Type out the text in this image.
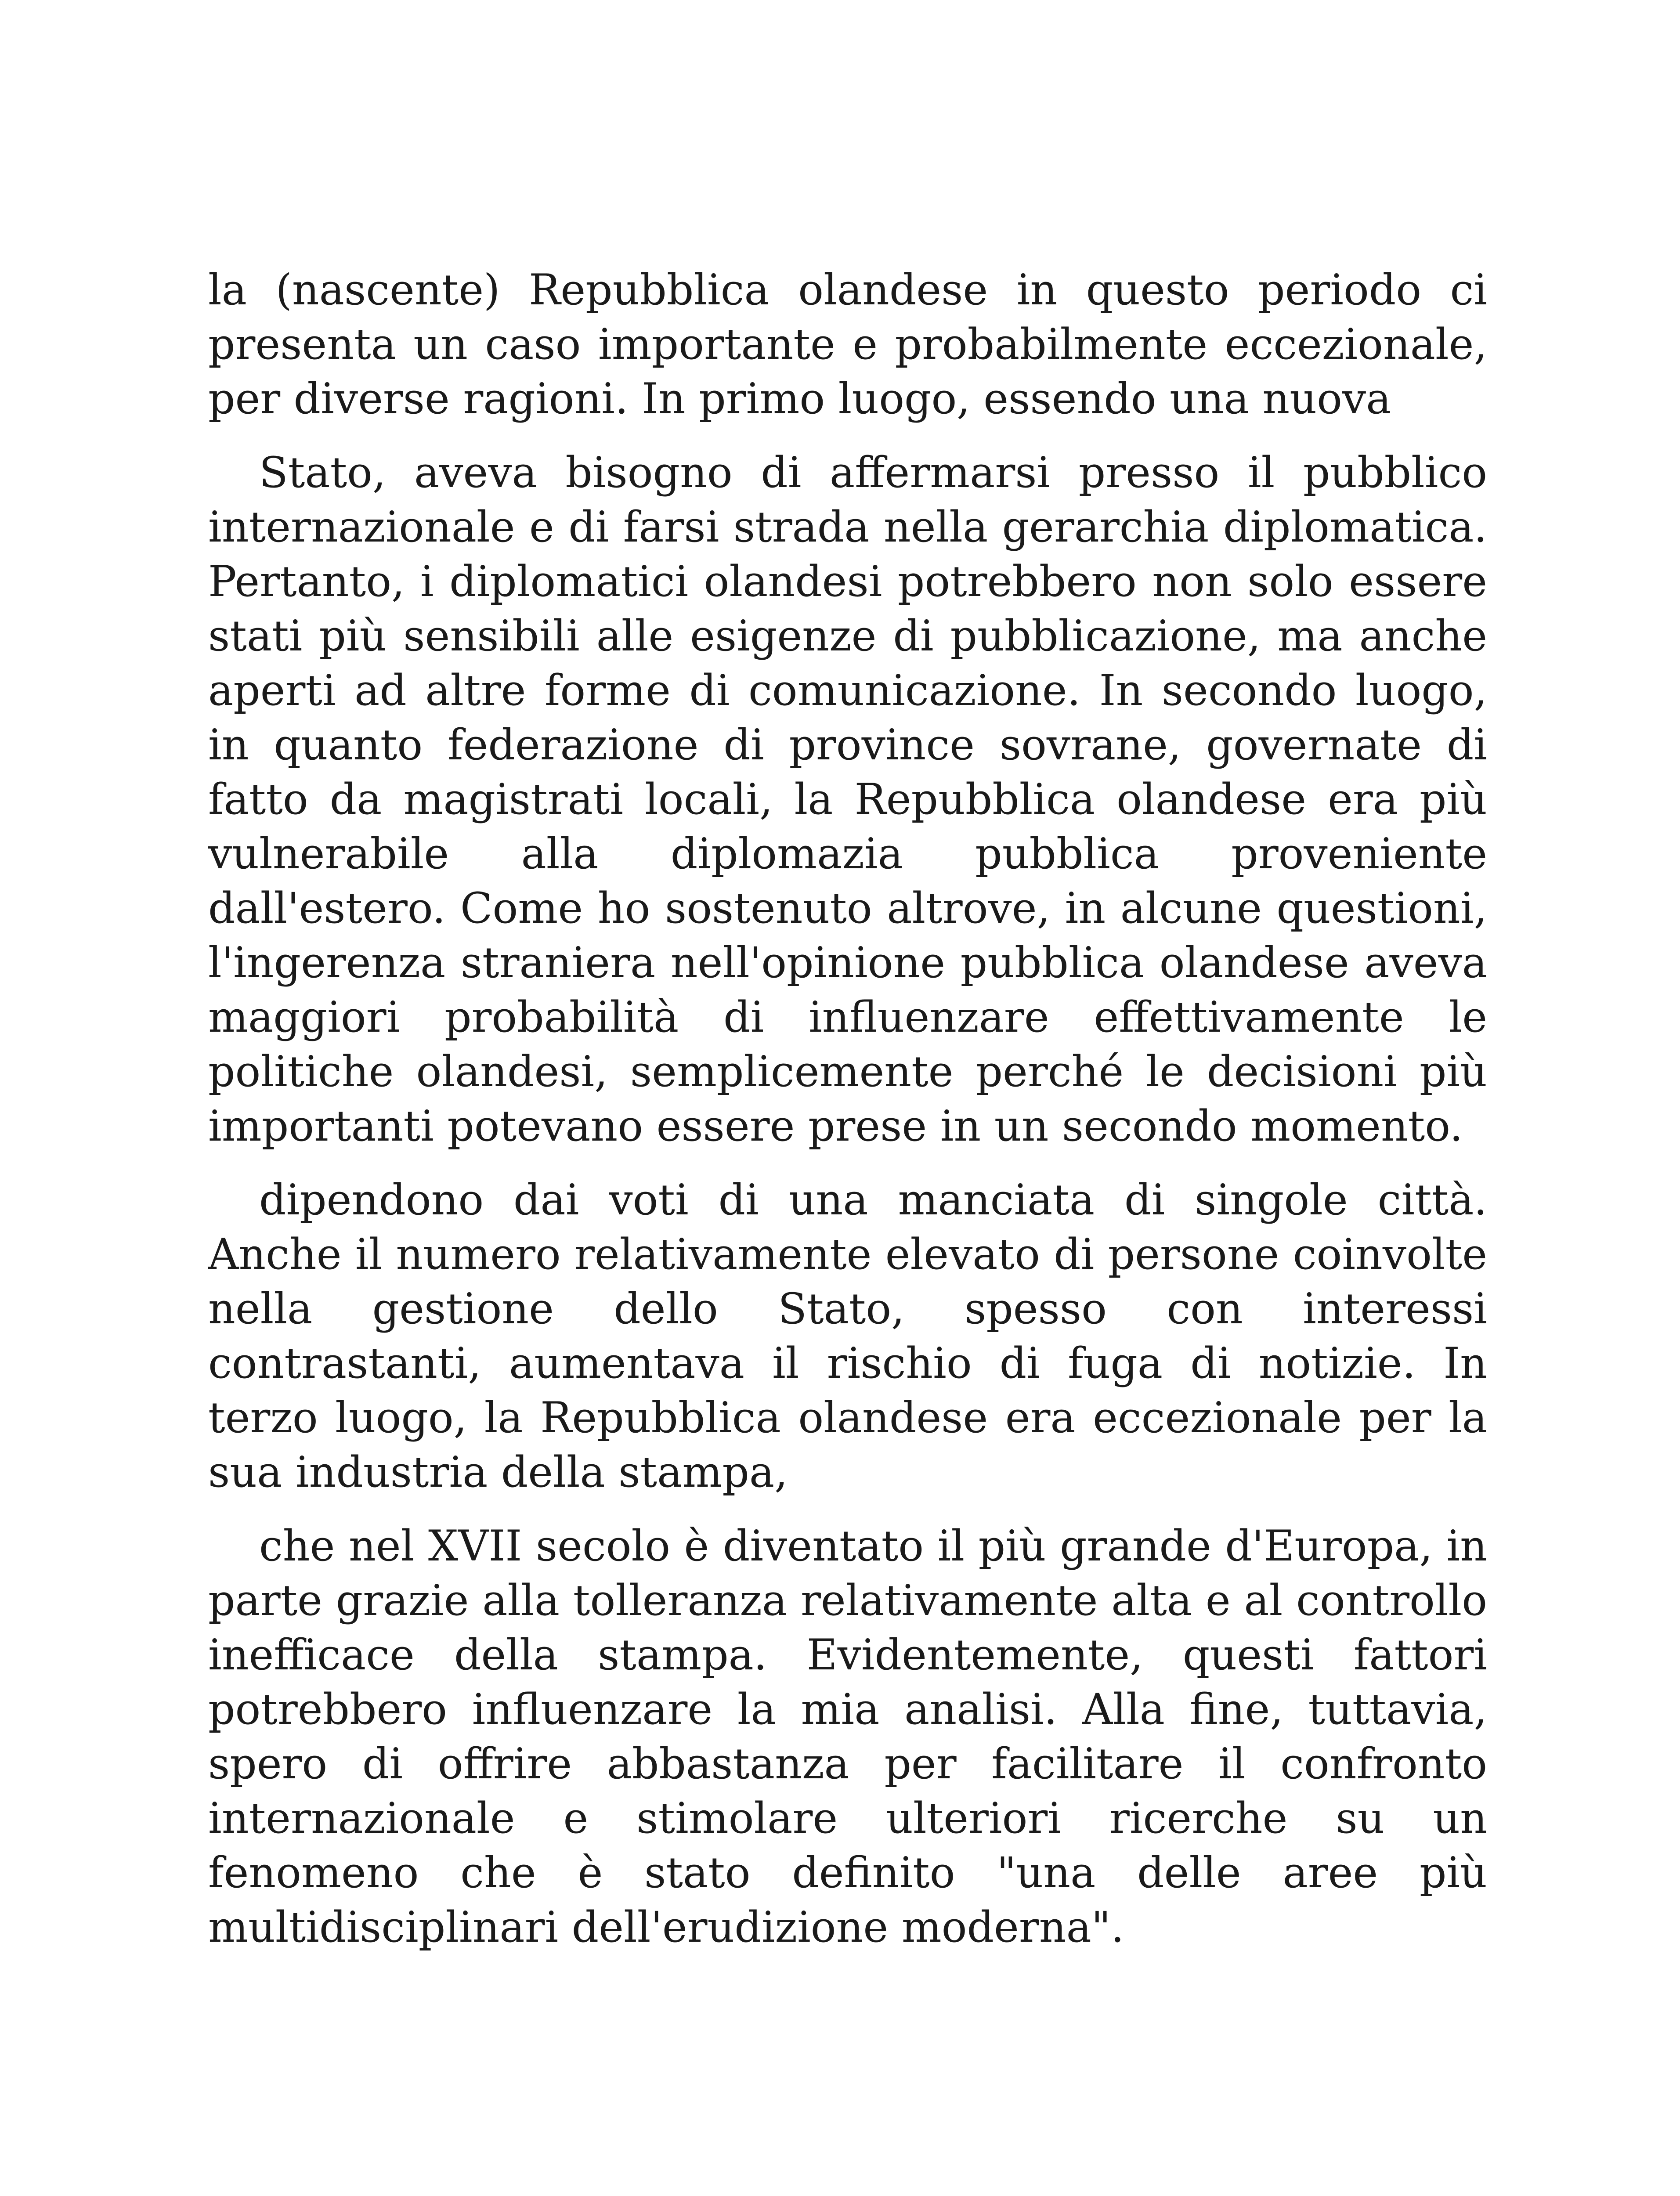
la (nascente) Repubblica olandese in questo periodo ci presenta un caso importante e probabilmente eccezionale, per diverse ragioni. In primo luogo, essendo una nuova

Stato, aveva bisogno di affermarsi presso il pubblico internazionale e di farsi strada nella gerarchia diplomatica. Pertanto, i diplomatici olandesi potrebbero non solo essere stati più sensibili alle esigenze di pubblicazione, ma anche aperti ad altre forme di comunicazione. In secondo luogo, in quanto federazione di province sovrane, governate di fatto da magistrati locali, la Repubblica olandese era più vulnerabile alla diplomazia pubblica proveniente dall'estero. Come ho sostenuto altrove, in alcune questioni, l'ingerenza straniera nell'opinione pubblica olandese aveva maggiori probabilità di influenzare effettivamente le politiche olandesi, semplicemente perché le decisioni più importanti potevano essere prese in un secondo momento.

dipendono dai voti di una manciata di singole città. Anche il numero relativamente elevato di persone coinvolte nella gestione dello Stato, spesso con interessi contrastanti, aumentava il rischio di fuga di notizie. In terzo luogo, la Repubblica olandese era eccezionale per la sua industria della stampa,

che nel XVII secolo è diventato il più grande d'Europa, in parte grazie alla tolleranza relativamente alta e al controllo inefficace della stampa. Evidentemente, questi fattori potrebbero influenzare la mia analisi. Alla fine, tuttavia, spero di offrire abbastanza per facilitare il confronto internazionale e stimolare ulteriori ricerche su un fenomeno che è stato definito "una delle aree più multidisciplinari dell'erudizione moderna".
